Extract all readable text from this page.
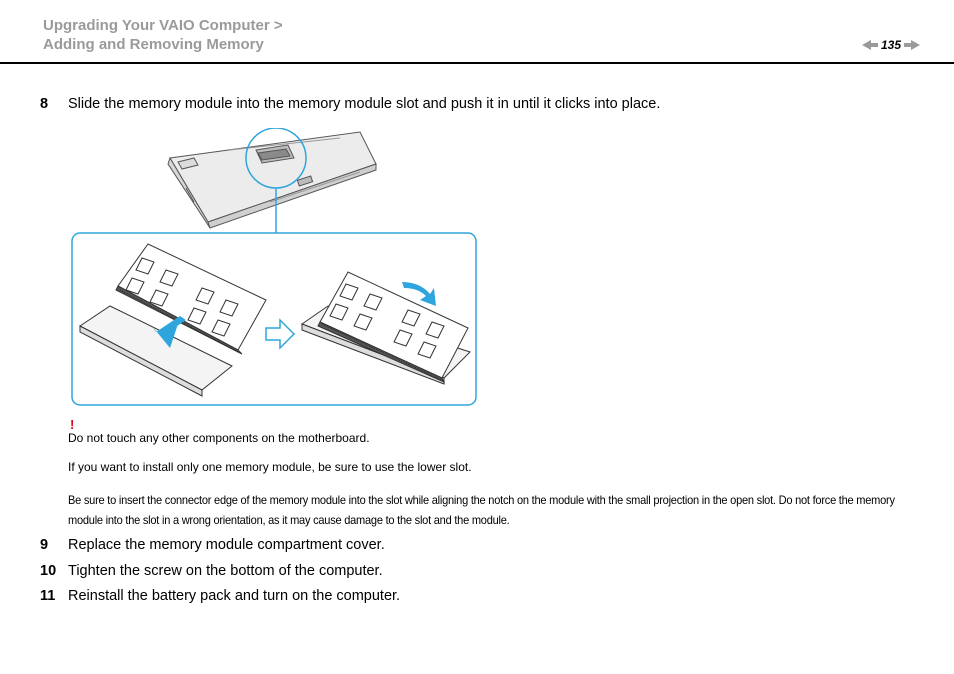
Upgrading Your VAIO Computer >
Adding and Removing Memory	135
8 Slide the memory module into the memory module slot and push it in until it clicks into place.
!
Do not touch any other components on the motherboard.
If you want to install only one memory module, be sure to use the lower slot.
Be sure to insert the connector edge of the memory module into the slot while aligning the notch on the module with the small projection in the open slot. Do not force the memory module into the slot in a wrong orientation, as it may cause damage to the slot and the module.
9 Replace the memory module compartment cover.
10 Tighten the screw on the bottom of the computer.
11 Reinstall the battery pack and turn on the computer.
